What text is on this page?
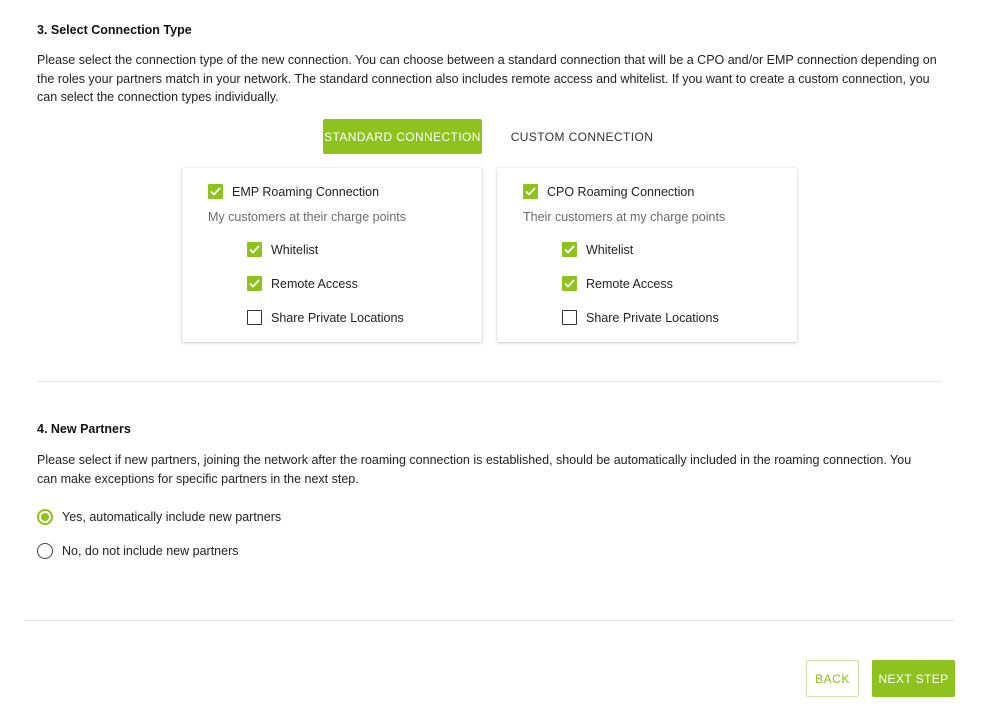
3. Select Connection Type
Please select the connection type of the new connection. You can choose between a standard connection that will be a CPO and/or EMP connection depending on the roles your partners match in your network. The standard connection also includes remote access and whitelist. If you want to create a custom connection, you can select the connection types individually.
STANDARD CONNECTION	CUSTOM CONNECTION
EMP Roaming Connection
My customers at their charge points
Whitelist
Remote Access
Share Private Locations
CPO Roaming Connection
Their customers at my charge points
Whitelist
Remote Access
Share Private Locations
4. New Partners
Please select if new partners, joining the network after the roaming connection is established, should be automatically included in the roaming connection. You can make exceptions for specific partners in the next step.
Yes, automatically include new partners
No, do not include new partners
BACK	NEXT STEP
